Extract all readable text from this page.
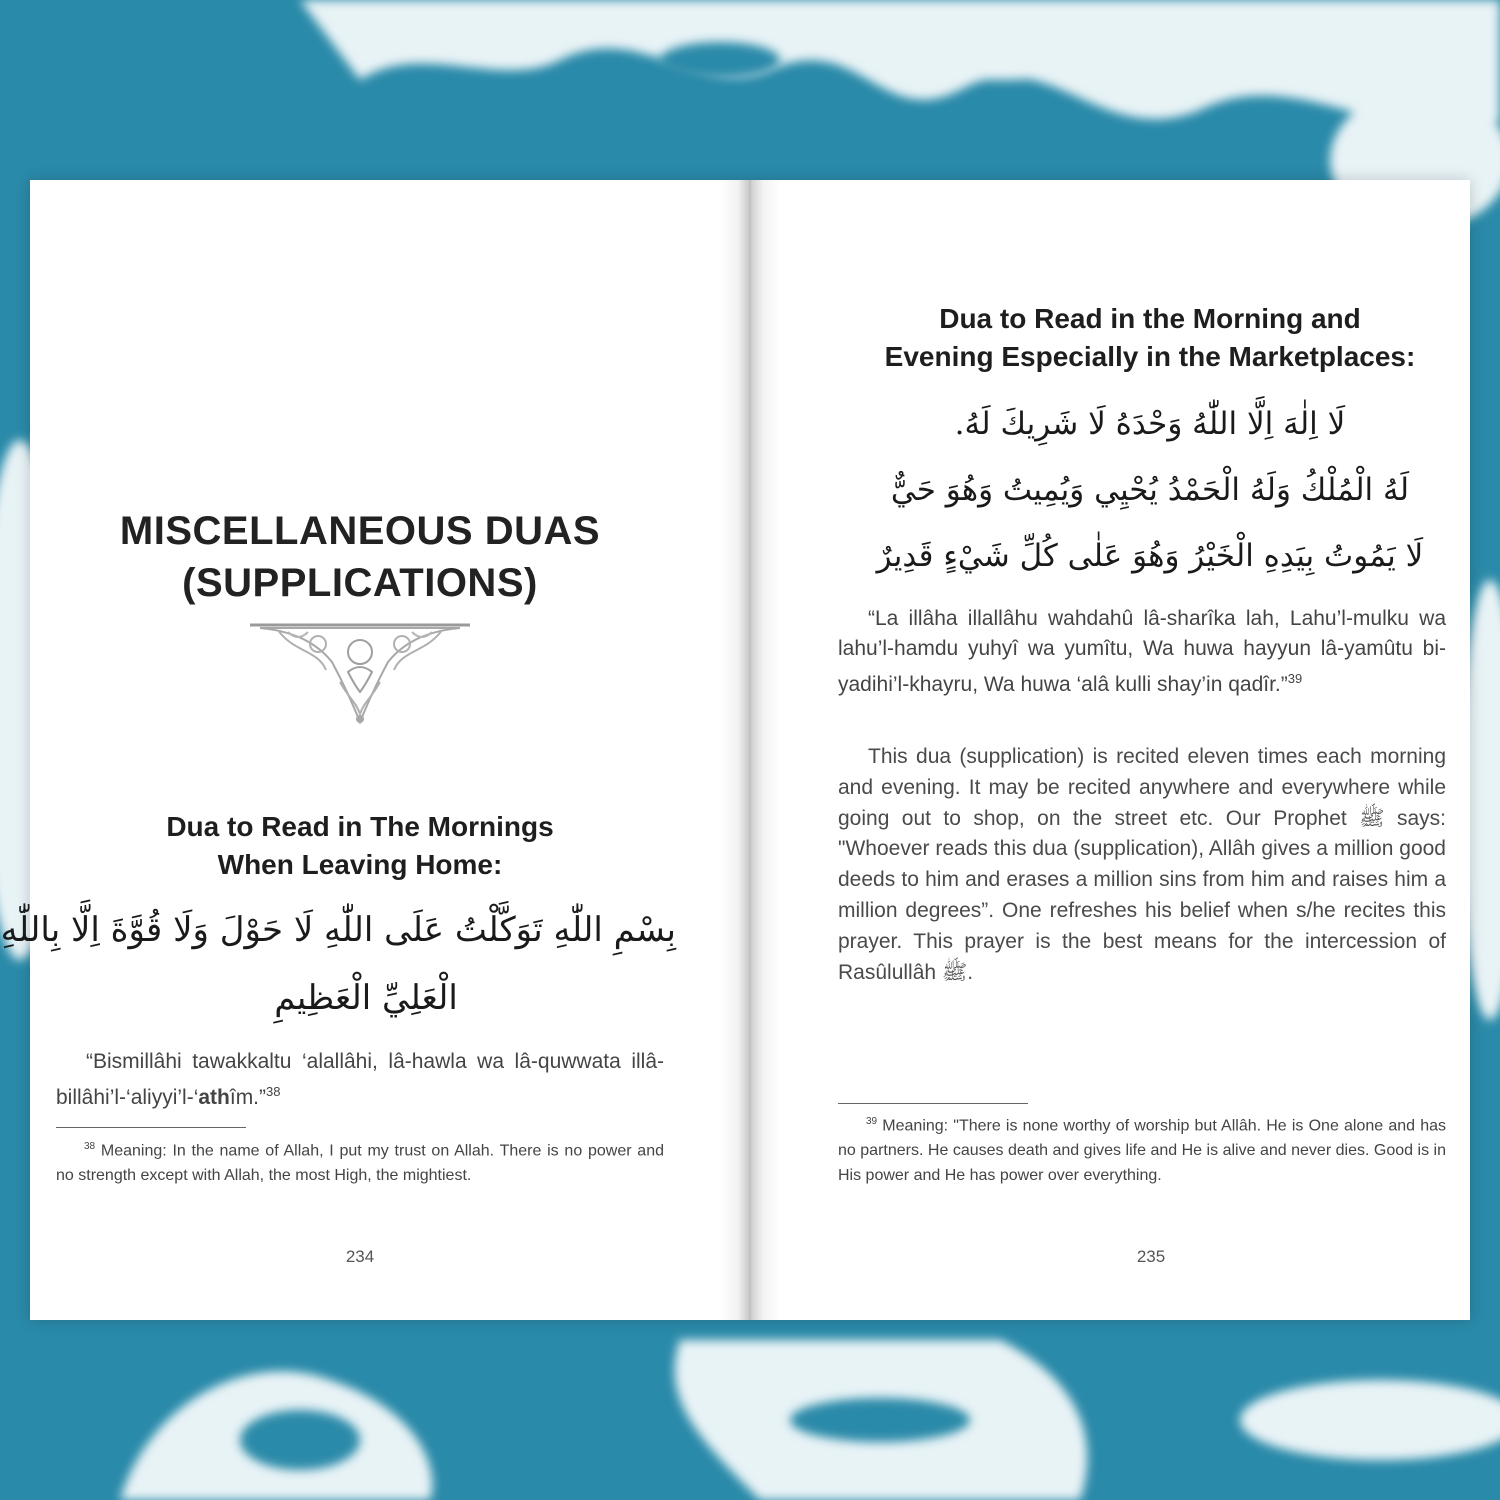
MISCELLANEOUS DUAS
(SUPPLICATIONS)
Dua to Read in The Mornings
When Leaving Home:
بِسْمِ اللّٰهِ تَوَكَّلْتُ عَلَى اللّٰهِ لَا حَوْلَ وَلَا قُوَّةَ اِلَّا بِاللّٰهِ
الْعَلِيِّ الْعَظِيمِ
“Bismillâhi tawakkaltu ‘alallâhi, lâ-hawla wa lâ-quwwata illâ-billâhi’l-‘aliyyi’l-‘athîm.”$^{38}$
$^{38}$ Meaning: In the name of Allah, I put my trust on Allah. There is no power and no strength except with Allah, the most High, the mightiest.
234
Dua to Read in the Morning and
Evening Especially in the Marketplaces:
لَا اِلٰهَ اِلَّا اللّٰهُ وَحْدَهُ لَا شَرِيكَ لَهُ.
لَهُ الْمُلْكُ وَلَهُ الْحَمْدُ يُحْيِي وَيُمِيتُ وَهُوَ حَيٌّ
لَا يَمُوتُ بِيَدِهِ الْخَيْرُ وَهُوَ عَلٰى كُلِّ شَيْءٍ قَدِيرٌ
“La illâha illallâhu wahdahû lâ-sharîka lah, Lahu’l-mulku wa lahu’l-hamdu yuhyî wa yumîtu, Wa huwa hayyun lâ-yamûtu bi-yadihi’l-khayru, Wa huwa ‘alâ kulli shay’in qadîr.”$^{39}$
This dua (supplication) is recited eleven times each morning and evening. It may be recited anywhere and everywhere while going out to shop, on the street etc. Our Prophet ﷺ says: "Whoever reads this dua (supplication), Allâh gives a million good deeds to him and erases a million sins from him and raises him a million degrees”. One refreshes his belief when s/he recites this prayer. This prayer is the best means for the intercession of Rasûlullâh ﷺ.
$^{39}$ Meaning: "There is none worthy of worship but Allâh. He is One alone and has no partners. He causes death and gives life and He is alive and never dies. Good is in His power and He has power over everything.
235
